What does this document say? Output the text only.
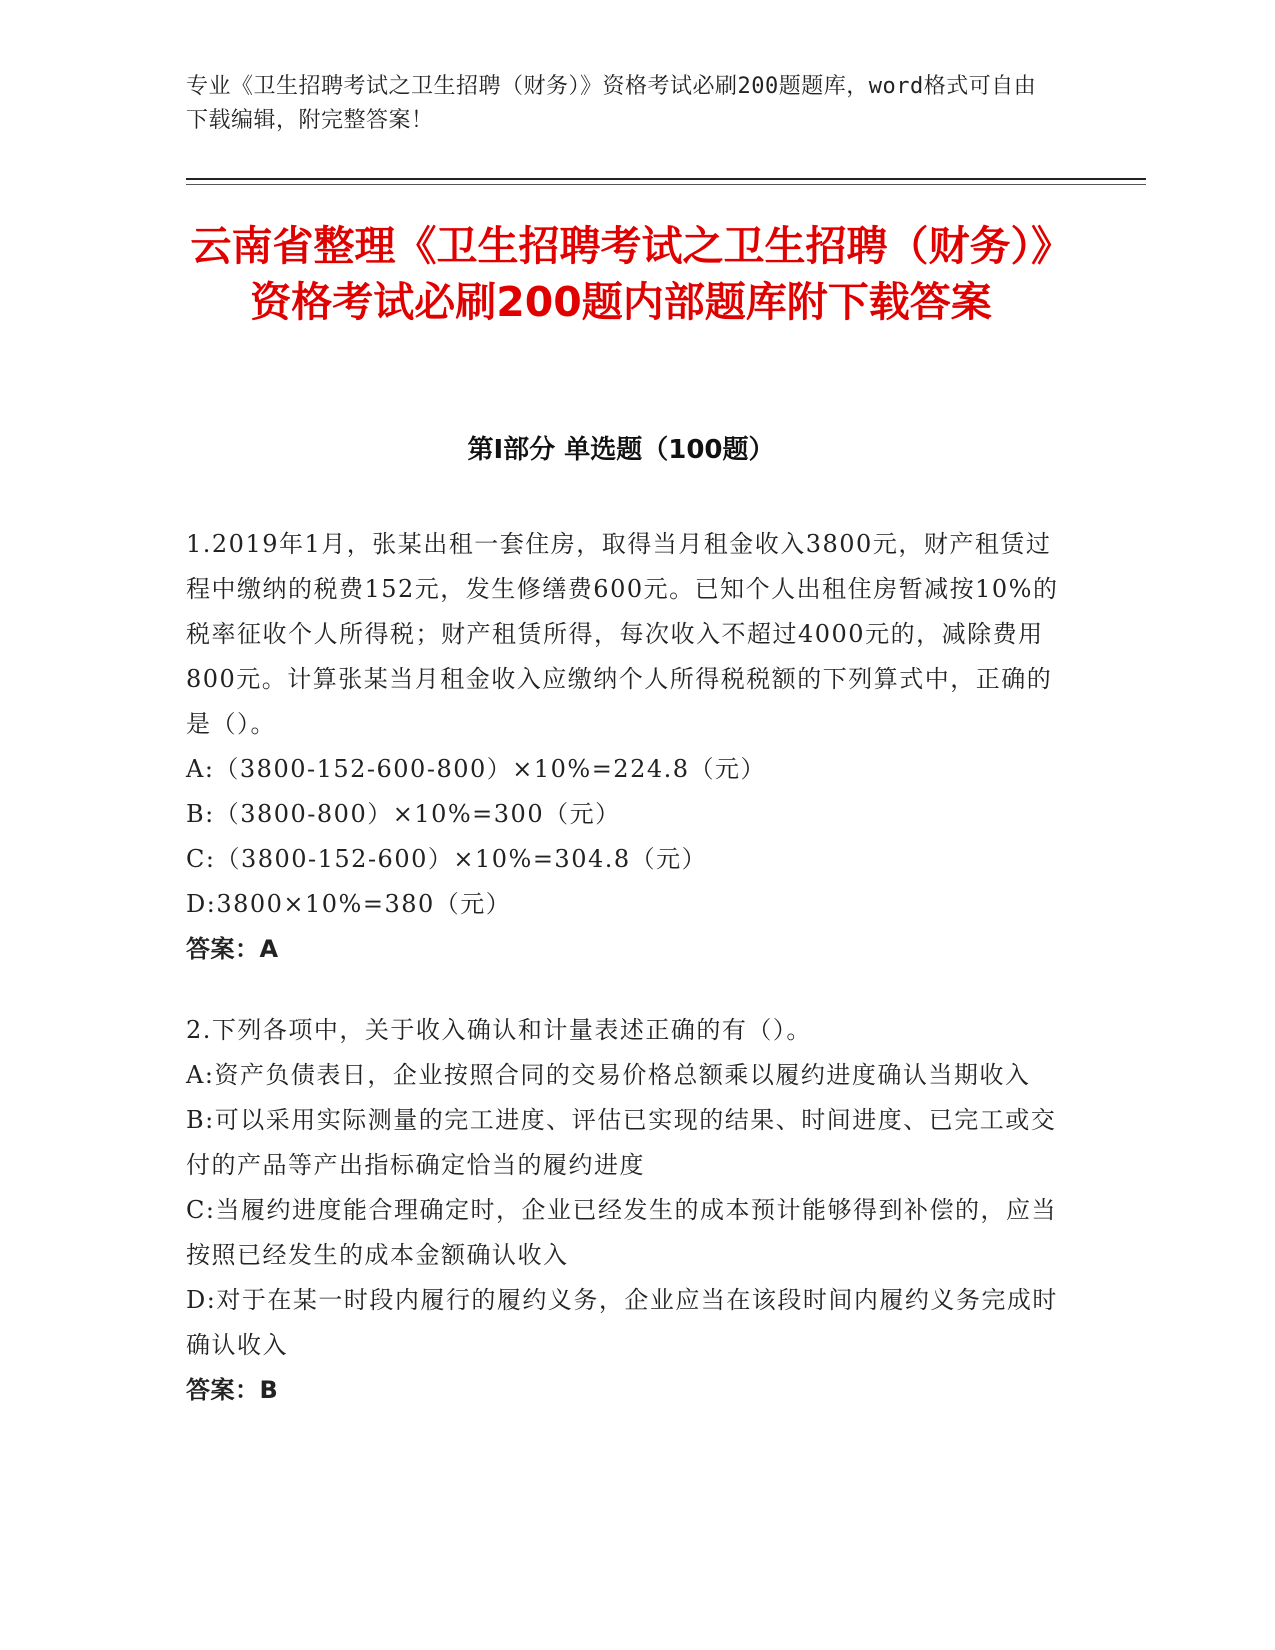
专业《卫生招聘考试之卫生招聘（财务）》资格考试必刷200题题库，word格式可自由下载编辑，附完整答案！
云南省整理《卫生招聘考试之卫生招聘（财务）》资格考试必刷200题内部题库附下载答案
第Ⅰ部分 单选题（100题）

1.2019年1月，张某出租一套住房，取得当月租金收入3800元，财产租赁过程中缴纳的税费152元，发生修缮费600元。已知个人出租住房暂减按10%的税率征收个人所得税；财产租赁所得，每次收入不超过4000元的，减除费用800元。计算张某当月租金收入应缴纳个人所得税税额的下列算式中，正确的是（）。

A:（3800-152-600-800）×10%=224.8（元）

B:（3800-800）×10%=300（元）

C:（3800-152-600）×10%=304.8（元）

D:3800×10%=380（元）

答案：A

2.下列各项中，关于收入确认和计量表述正确的有（）。

A:资产负债表日，企业按照合同的交易价格总额乘以履约进度确认当期收入

B:可以采用实际测量的完工进度、评估已实现的结果、时间进度、已完工或交付的产品等产出指标确定恰当的履约进度

C:当履约进度能合理确定时，企业已经发生的成本预计能够得到补偿的，应当按照已经发生的成本金额确认收入

D:对于在某一时段内履行的履约义务，企业应当在该段时间内履约义务完成时确认收入

答案：B
